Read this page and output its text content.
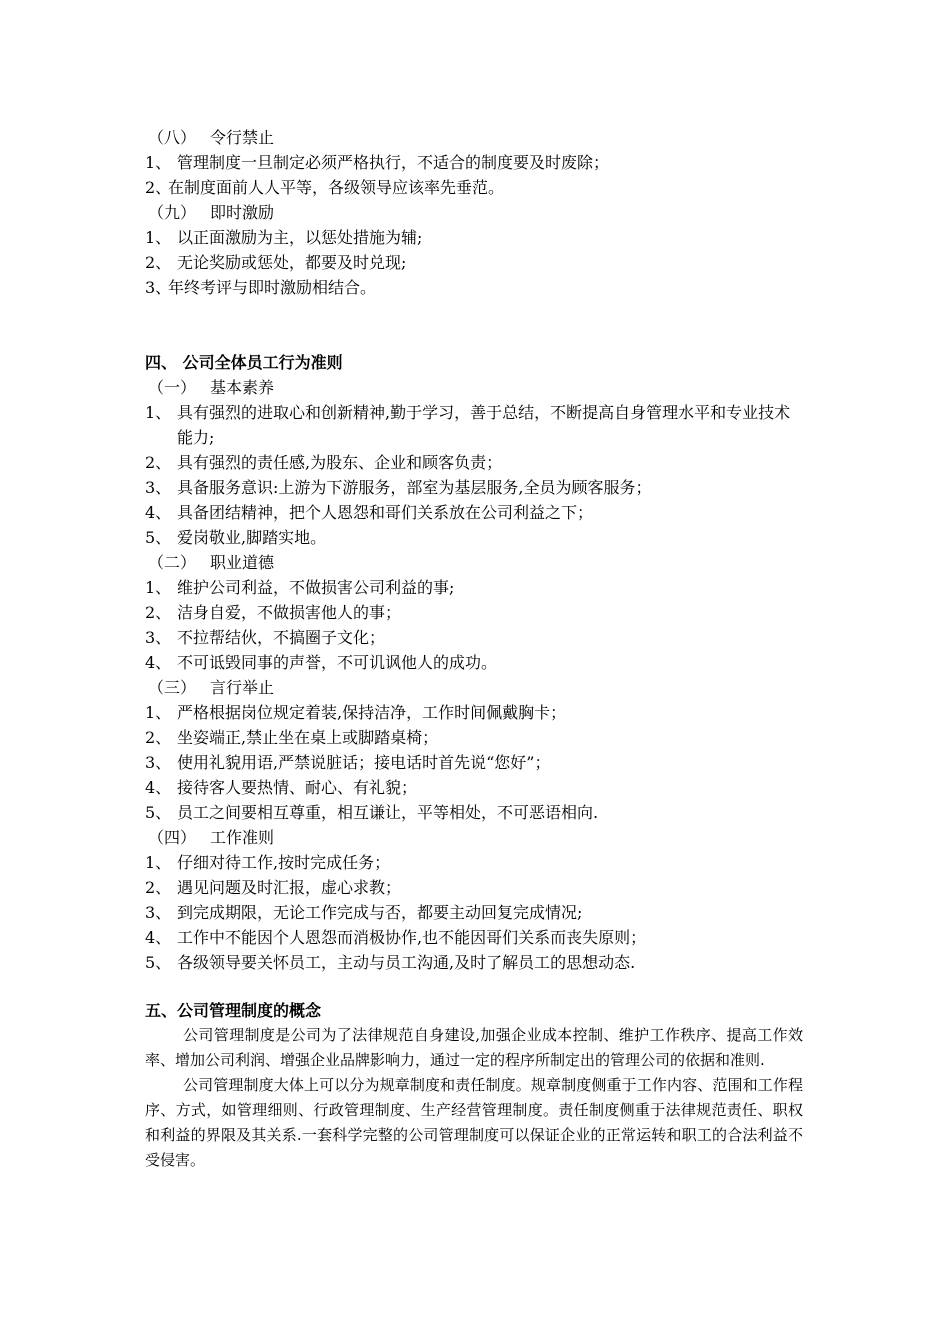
（八） 令行禁止
1、 管理制度一旦制定必须严格执行，不适合的制度要及时废除；
2、
在制度面前人人平等，各级领导应该率先垂范。
（九） 即时激励
1、 以正面激励为主，以惩处措施为辅;
2、 无论奖励或惩处，都要及时兑现;
3、
年终考评与即时激励相结合。
四、 公司全体员工行为准则
（一） 基本素养
1、 具有强烈的进取心和创新精神,勤于学习，善于总结，不断提高自身管理水平和专业技术能力;
2、 具有强烈的责任感,为股东、企业和顾客负责；
3、 具备服务意识:上游为下游服务，部室为基层服务,全员为顾客服务；
4、 具备团结精神，把个人恩怨和哥们关系放在公司利益之下；
5、 爱岗敬业,脚踏实地。
（二） 职业道德
1、 维护公司利益，不做损害公司利益的事;
2、 洁身自爱，不做损害他人的事；
3、 不拉帮结伙，不搞圈子文化；
4、 不可诋毁同事的声誉，不可讥讽他人的成功。
（三） 言行举止
1、 严格根据岗位规定着装,保持洁净，工作时间佩戴胸卡；
2、 坐姿端正,禁止坐在桌上或脚踏桌椅；
3、 使用礼貌用语,严禁说脏话；接电话时首先说“您好”；
4、 接待客人要热情、耐心、有礼貌；
5、 员工之间要相互尊重，相互谦让，平等相处，不可恶语相向.
（四） 工作准则
1、 仔细对待工作,按时完成任务；
2、 遇见问题及时汇报，虚心求教；
3、 到完成期限，无论工作完成与否，都要主动回复完成情况;
4、 工作中不能因个人恩怨而消极协作,也不能因哥们关系而丧失原则；
5、 各级领导要关怀员工，主动与员工沟通,及时了解员工的思想动态.
五、公司管理制度的概念
公司管理制度是公司为了法律规范自身建设,加强企业成本控制、维护工作秩序、提高工作效率、增加公司利润、增强企业品牌影响力，通过一定的程序所制定出的管理公司的依据和准则.
公司管理制度大体上可以分为规章制度和责任制度。规章制度侧重于工作内容、范围和工作程序、方式，如管理细则、行政管理制度、生产经营管理制度。责任制度侧重于法律规范责任、职权和利益的界限及其关系.一套科学完整的公司管理制度可以保证企业的正常运转和职工的合法利益不受侵害。
